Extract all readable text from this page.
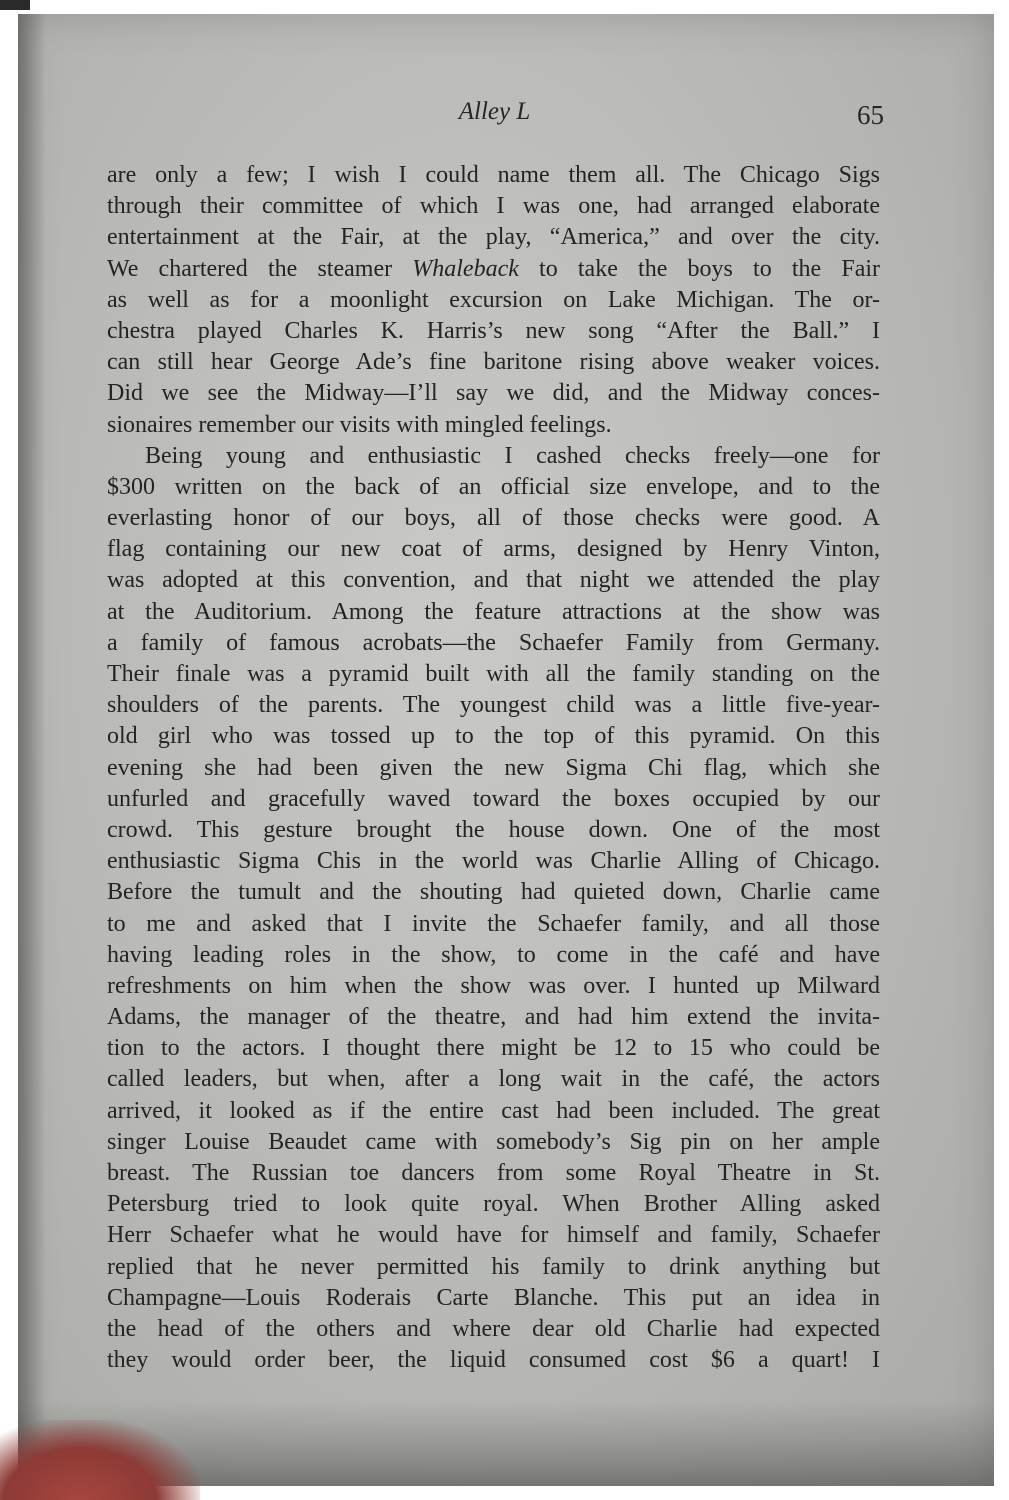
Alley L	65
are only a few; I wish I could name them all. The Chicago Sigs
through their committee of which I was one, had arranged elaborate
entertainment at the Fair, at the play, “America,” and over the city.
We chartered the steamer Whaleback to take the boys to the Fair
as well as for a moonlight excursion on Lake Michigan. The or-
chestra played Charles K. Harris’s new song “After the Ball.” I
can still hear George Ade’s fine baritone rising above weaker voices.
Did we see the Midway—I’ll say we did, and the Midway conces-
sionaires remember our visits with mingled feelings.
Being young and enthusiastic I cashed checks freely—one for
$300 written on the back of an official size envelope, and to the
everlasting honor of our boys, all of those checks were good. A
flag containing our new coat of arms, designed by Henry Vinton,
was adopted at this convention, and that night we attended the play
at the Auditorium. Among the feature attractions at the show was
a family of famous acrobats—the Schaefer Family from Germany.
Their finale was a pyramid built with all the family standing on the
shoulders of the parents. The youngest child was a little five-year-
old girl who was tossed up to the top of this pyramid. On this
evening she had been given the new Sigma Chi flag, which she
unfurled and gracefully waved toward the boxes occupied by our
crowd. This gesture brought the house down. One of the most
enthusiastic Sigma Chis in the world was Charlie Alling of Chicago.
Before the tumult and the shouting had quieted down, Charlie came
to me and asked that I invite the Schaefer family, and all those
having leading roles in the show, to come in the café and have
refreshments on him when the show was over. I hunted up Milward
Adams, the manager of the theatre, and had him extend the invita-
tion to the actors. I thought there might be 12 to 15 who could be
called leaders, but when, after a long wait in the café, the actors
arrived, it looked as if the entire cast had been included. The great
singer Louise Beaudet came with somebody’s Sig pin on her ample
breast. The Russian toe dancers from some Royal Theatre in St.
Petersburg tried to look quite royal. When Brother Alling asked
Herr Schaefer what he would have for himself and family, Schaefer
replied that he never permitted his family to drink anything but
Champagne—Louis Roderais Carte Blanche. This put an idea in
the head of the others and where dear old Charlie had expected
they would order beer, the liquid consumed cost $6 a quart! I
